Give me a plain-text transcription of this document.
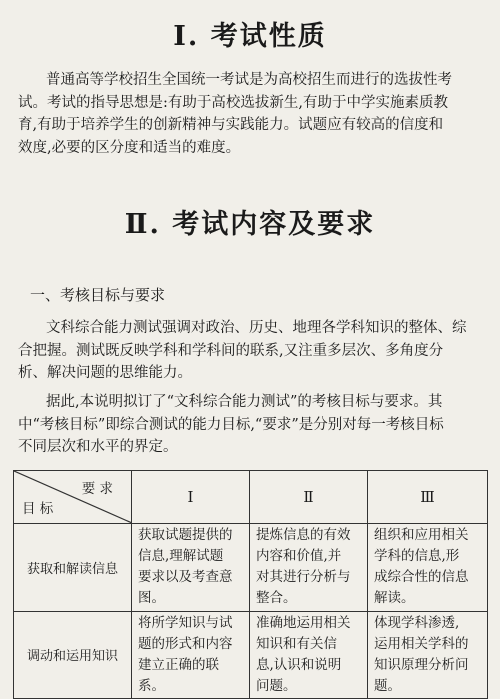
Ⅰ. 考试性质
普通高等学校招生全国统一考试是为高校招生而进行的选拔性考
试。考试的指导思想是:有助于高校选拔新生,有助于中学实施素质教
育,有助于培养学生的创新精神与实践能力。试题应有较高的信度和
效度,必要的区分度和适当的难度。
Ⅱ. 考试内容及要求
一、考核目标与要求
文科综合能力测试强调对政治、历史、地理各学科知识的整体、综
合把握。测试既反映学科和学科间的联系,又注重多层次、多角度分
析、解决问题的思维能力。
据此,本说明拟订了“文科综合能力测试”的考核目标与要求。其
中“考核目标”即综合测试的能力目标,“要求”是分别对每一考核目标
不同层次和水平的界定。
要 求
目 标	Ⅰ	Ⅱ	Ⅲ
获取和解读信息	获取试题提供的
信息,理解试题
要求以及考查意
图。	提炼信息的有效
内容和价值,并
对其进行分析与
整合。	组织和应用相关
学科的信息,形
成综合性的信息
解读。

调动和运用知识	将所学知识与试
题的形式和内容
建立正确的联
系。	准确地运用相关
知识和有关信
息,认识和说明
问题。	体现学科渗透,
运用相关学科的
知识原理分析问
题。
